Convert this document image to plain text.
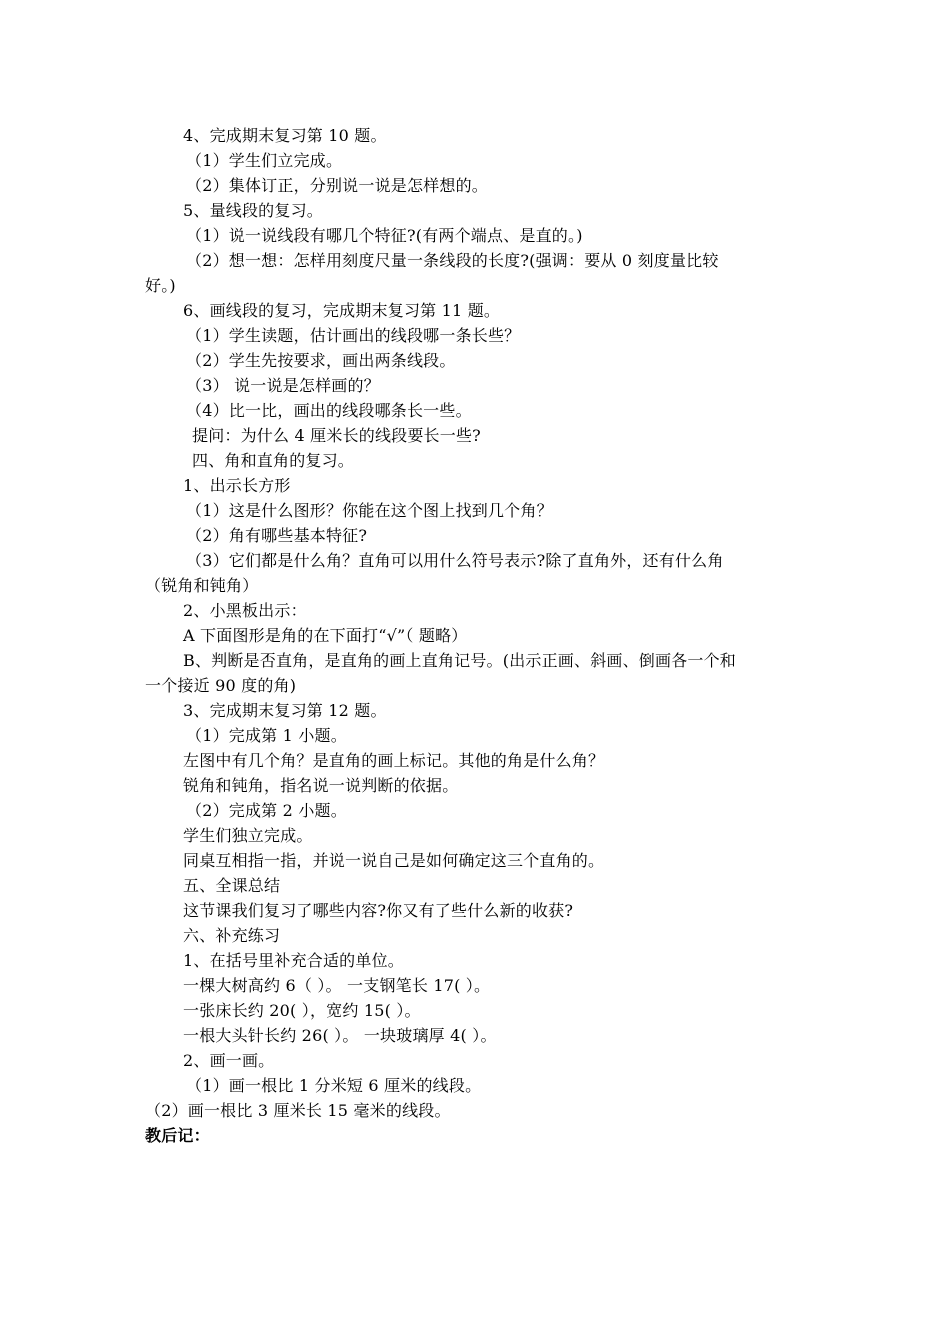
4、完成期末复习第 10 题。
（1）学生们立完成。
（2）集体订正，分别说一说是怎样想的。
5、量线段的复习。
（1）说一说线段有哪几个特征?(有两个端点、是直的。)
（2）想一想：怎样用刻度尺量一条线段的长度?(强调：要从 0 刻度量比较
好。)
6、画线段的复习，完成期末复习第 11 题。
（1）学生读题，估计画出的线段哪一条长些？
（2）学生先按要求，画出两条线段。
（3） 说一说是怎样画的？
（4）比一比，画出的线段哪条长一些。
提问：为什么 4 厘米长的线段要长一些?
四、角和直角的复习。
1、出示长方形
（1）这是什么图形？你能在这个图上找到几个角？
（2）角有哪些基本特征?
（3）它们都是什么角？直角可以用什么符号表示?除了直角外，还有什么角
（锐角和钝角）
2、小黑板出示：
A 下面图形是角的在下面打“√”（ 题略）
B、判断是否直角，是直角的画上直角记号。(出示正画、斜画、倒画各一个和
一个接近 90 度的角)
3、完成期末复习第 12 题。
（1）完成第 1 小题。
左图中有几个角？是直角的画上标记。其他的角是什么角？
锐角和钝角，指名说一说判断的依据。
（2）完成第 2 小题。
学生们独立完成。
同桌互相指一指，并说一说自己是如何确定这三个直角的。
五、全课总结
这节课我们复习了哪些内容?你又有了些什么新的收获?
六、补充练习
1、在括号里补充合适的单位。
一棵大树高约 6（ ）。 一支钢笔长 17( ）。
一张床长约 20( ），宽约 15( ）。
一根大头针长约 26( ）。 一块玻璃厚 4( ）。
2、画一画。
（1）画一根比 1 分米短 6 厘米的线段。
（2）画一根比 3 厘米长 15 毫米的线段。
教后记：
